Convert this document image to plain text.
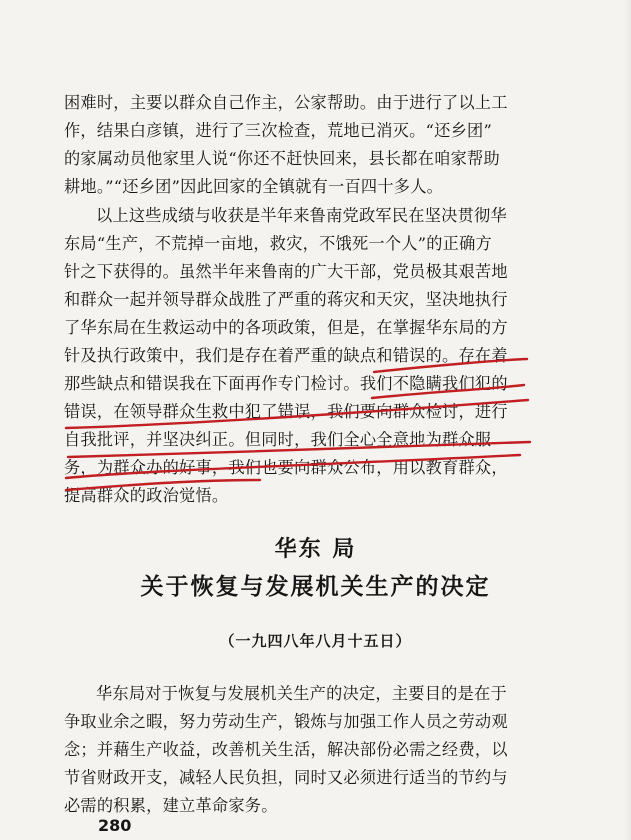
困难时，主要以群众自己作主，公家帮助。由于进行了以上工
作，结果白彦镇，进行了三次检查，荒地已消灭。“还乡团”
的家属动员他家里人说“你还不赶快回来，县长都在咱家帮助
耕地。”“还乡团”因此回家的全镇就有一百四十多人。
以上这些成绩与收获是半年来鲁南党政军民在坚决贯彻华
东局“生产，不荒掉一亩地，救灾，不饿死一个人”的正确方
针之下获得的。虽然半年来鲁南的广大干部，党员极其艰苦地
和群众一起并领导群众战胜了严重的蒋灾和天灾，坚决地执行
了华东局在生救运动中的各项政策，但是，在掌握华东局的方
针及执行政策中，我们是存在着严重的缺点和错误的。存在着
那些缺点和错误我在下面再作专门检讨。我们不隐瞒我们犯的
错误，在领导群众生救中犯了错误，我们要向群众检讨，进行
自我批评，并坚决纠正。但同时，我们全心全意地为群众服
务，为群众办的好事，我们也要向群众公布，用以教育群众，
提高群众的政治觉悟。
华东 局
关于恢复与发展机关生产的决定
（一九四八年八月十五日）
华东局对于恢复与发展机关生产的决定，主要目的是在于
争取业余之暇，努力劳动生产，锻炼与加强工作人员之劳动观
念；并藉生产收益，改善机关生活，解决部份必需之经费，以
节省财政开支，减轻人民负担，同时又必须进行适当的节约与
必需的积累，建立革命家务。
280
